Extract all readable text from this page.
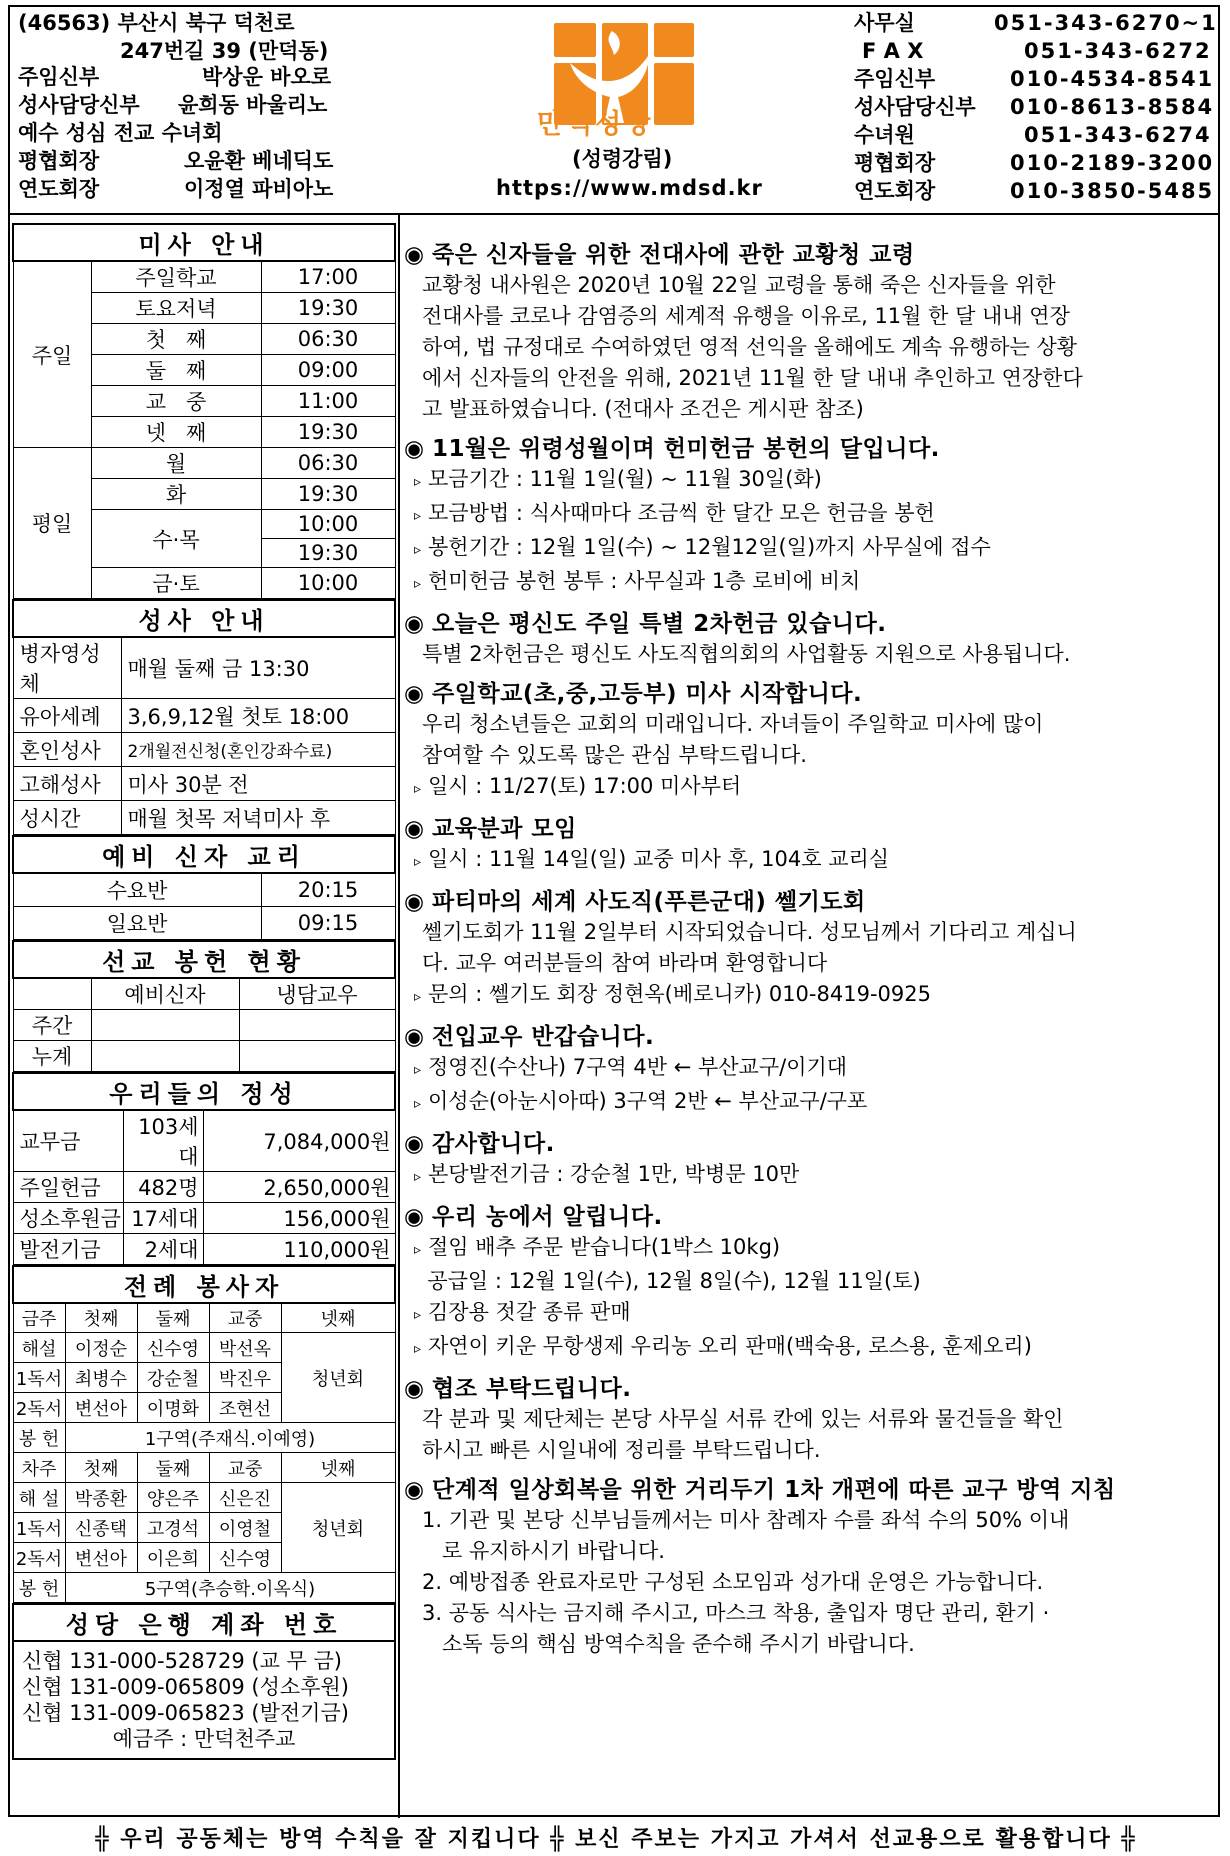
(46563) 부산시 북구 덕천로
247번길 39 (만덕동)
주임신부	박상운 바오로
성사담당신부 윤희동 바울리노
예수 성심 전교 수녀회
평협회장	오윤환 베네딕도
연도회장	이정열 파비아노
만덕성당
(성령강림)
https://www.mdsd.kr
사무실	051-343-6270~1
F A X	051-343-6272
주임신부	010-4534-8541
성사담당신부 010-8613-8584
수녀원	051-343-6274
평협회장	010-2189-3200
연도회장	010-3850-5485
미사 안내		
주일	주일학교	17:00
	토요저녁	19:30
	첫   째	06:30
	둘   째	09:00
	교   중	11:00
	넷   째	19:30
평일	월	06:30
	화	19:30
	수·목	10:00
		19:30
	금·토	10:00
성사 안내	
병자영성체	매월 둘째 금 13:30
유아세례	3,6,9,12월 첫토 18:00
혼인성사	2개월전신청(혼인강좌수료)
고해성사	미사 30분 전
성시간	매월 첫목 저녁미사 후
예비 신자 교리	
수요반	20:15
일요반	09:15
선교 봉헌 현황		
	예비신자	냉담교우
주간		
누계		
우리들의 정성		
교무금	103세대	7,084,000원
주일헌금	482명	2,650,000원
성소후원금	17세대	156,000원
발전기금	2세대	110,000원
전례 봉사자				
금주	첫째	둘째	교중	넷째
해설	이정순	신수영	박선옥	청년회
1독서	최병수	강순철	박진우	
2독서	변선아	이명화	조현선	
봉 헌	1구역(주재식.이예영)			
차주	첫째	둘째	교중	넷째
해 설	박종환	양은주	신은진	청년회
1독서	신종택	고경석	이영철	
2독서	변선아	이은희	신수영	
봉 헌	5구역(추승학.이옥식)			
성당 은행 계좌 번호
신협 131-000-528729 (교 무 금)
신협 131-009-065809 (성소후원)
신협 131-009-065823 (발전기금)
예금주 : 만덕천주교
◉ 죽은 신자들을 위한 전대사에 관한 교황청 교령
교황청 내사원은 2020년 10월 22일 교령을 통해 죽은 신자들을 위한
전대사를 코로나 감염증의 세계적 유행을 이유로, 11월 한 달 내내 연장
하여, 법 규정대로 수여하였던 영적 선익을 올해에도 계속 유행하는 상황
에서 신자들의 안전을 위해, 2021년 11월 한 달 내내 추인하고 연장한다
고 발표하였습니다. (전대사 조건은 게시판 참조)
◉ 11월은 위령성월이며 헌미헌금 봉헌의 달입니다.
▹ 모금기간 : 11월 1일(월) ~ 11월 30일(화)
▹ 모금방법 : 식사때마다 조금씩 한 달간 모은 헌금을 봉헌
▹ 봉헌기간 : 12월 1일(수) ~ 12월12일(일)까지 사무실에 접수
▹ 헌미헌금 봉헌 봉투 : 사무실과 1층 로비에 비치
◉ 오늘은 평신도 주일 특별 2차헌금 있습니다.
특별 2차헌금은 평신도 사도직협의회의 사업활동 지원으로 사용됩니다.
◉ 주일학교(초,중,고등부) 미사 시작합니다.
우리 청소년들은 교회의 미래입니다. 자녀들이 주일학교 미사에 많이
참여할 수 있도록 많은 관심 부탁드립니다.
▹ 일시 : 11/27(토) 17:00 미사부터
◉ 교육분과 모임
▹ 일시 : 11월 14일(일) 교중 미사 후, 104호 교리실
◉ 파티마의 세계 사도직(푸른군대) 쎌기도회
쎌기도회가 11월 2일부터 시작되었습니다. 성모님께서 기다리고 계십니
다. 교우 여러분들의 참여 바라며 환영합니다
▹ 문의 : 쎌기도 회장 정현옥(베로니카) 010-8419-0925
◉ 전입교우 반갑습니다.
▹ 정영진(수산나) 7구역 4반 ← 부산교구/이기대
▹ 이성순(아눈시아따) 3구역 2반 ← 부산교구/구포
◉ 감사합니다.
▹ 본당발전기금 : 강순철 1만, 박병문 10만
◉ 우리 농에서 알립니다.
▹ 절임 배추 주문 받습니다(1박스 10kg)
공급일 : 12월 1일(수), 12월 8일(수), 12월 11일(토)
▹ 김장용 젓갈 종류 판매
▹ 자연이 키운 무항생제 우리농 오리 판매(백숙용, 로스용, 훈제오리)
◉ 협조 부탁드립니다.
각 분과 및 제단체는 본당 사무실 서류 칸에 있는 서류와 물건들을 확인
하시고 빠른 시일내에 정리를 부탁드립니다.
◉ 단계적 일상회복을 위한 거리두기 1차 개편에 따른 교구 방역 지침
1. 기관 및 본당 신부님들께서는 미사 참례자 수를 좌석 수의 50% 이내
로 유지하시기 바랍니다.
2. 예방접종 완료자로만 구성된 소모임과 성가대 운영은 가능합니다.
3. 공동 식사는 금지해 주시고, 마스크 착용, 출입자 명단 관리, 환기 ·
소독 등의 핵심 방역수칙을 준수해 주시기 바랍니다.
╬ 우리 공동체는 방역 수칙을 잘 지킵니다 ╬ 보신 주보는 가지고 가셔서 선교용으로 활용합니다 ╬
